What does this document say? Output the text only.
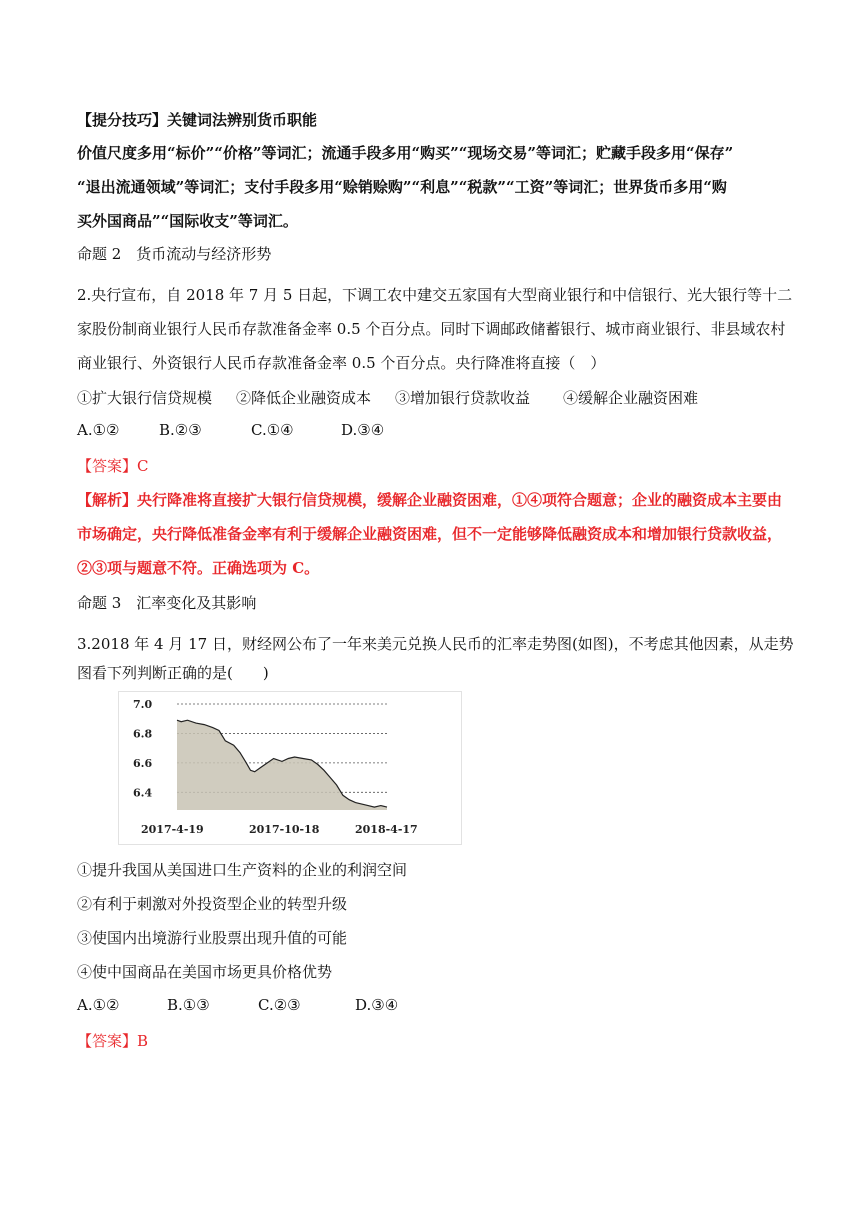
【提分技巧】关键词法辨别货币职能
价值尺度多用“标价”“价格”等词汇；流通手段多用“购买”“现场交易”等词汇；贮藏手段多用“保存”
“退出流通领域”等词汇；支付手段多用“赊销赊购”“利息”“税款”“工资”等词汇；世界货币多用“购
买外国商品”“国际收支”等词汇。
命题 2　货币流动与经济形势
2.央行宣布，自 2018 年 7 月 5 日起，下调工农中建交五家国有大型商业银行和中信银行、光大银行等十二
家股份制商业银行人民币存款准备金率 0.5 个百分点。同时下调邮政储蓄银行、城市商业银行、非县域农村
商业银行、外资银行人民币存款准备金率 0.5 个百分点。央行降准将直接（　）
①扩大银行信贷规模 ②降低企业融资成本 ③增加银行贷款收益 ④缓解企业融资困难
A.①②	B.②③	C.①④	D.③④
【答案】C
【解析】央行降准将直接扩大银行信贷规模，缓解企业融资困难，①④项符合题意；企业的融资成本主要由
市场确定，央行降低准备金率有利于缓解企业融资困难，但不一定能够降低融资成本和增加银行贷款收益，
②③项与题意不符。正确选项为 C。
命题 3　汇率变化及其影响
3.2018 年 4 月 17 日，财经网公布了一年来美元兑换人民币的汇率走势图(如图)，不考虑其他因素，从走势
图看下列判断正确的是(　　)
7.0
6.8
6.6
6.4
2017-4-19	2017-10-18	2018-4-17
①提升我国从美国进口生产资料的企业的利润空间
②有利于刺激对外投资型企业的转型升级
③使国内出境游行业股票出现升值的可能
④使中国商品在美国市场更具价格优势
A.①②	B.①③	C.②③	D.③④
【答案】B
